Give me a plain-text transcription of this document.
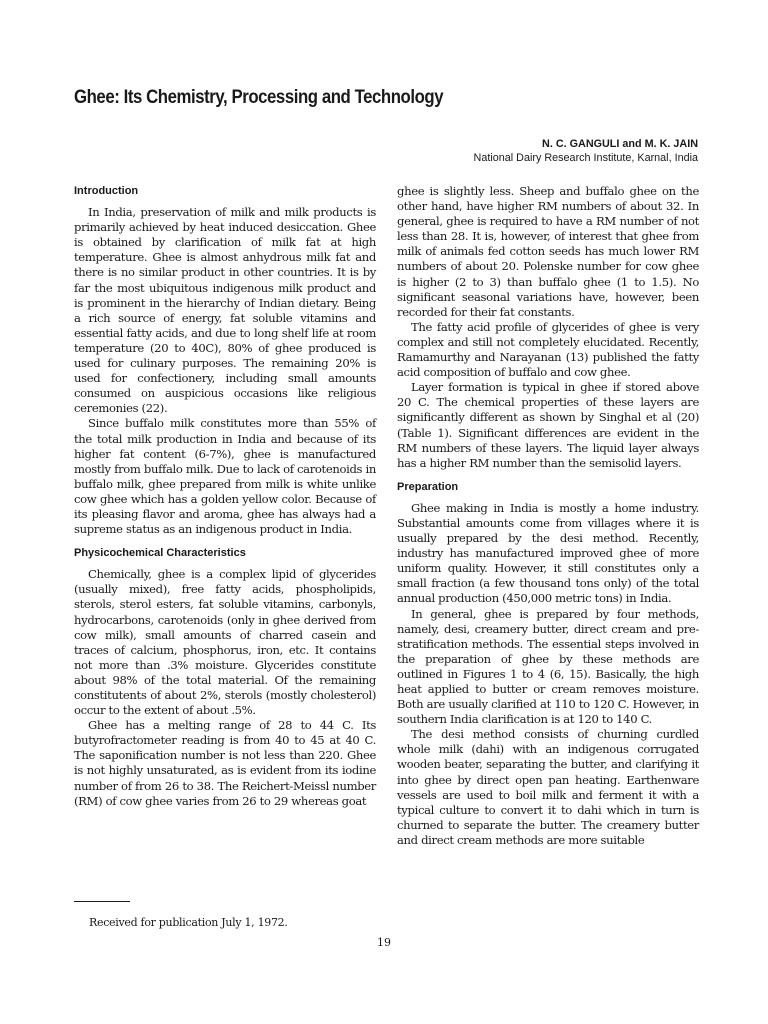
Ghee: Its Chemistry, Processing and Technology
N. C. GANGULI and M. K. JAIN
National Dairy Research Institute, Karnal, India
Introduction

In India, preservation of milk and milk products is primarily achieved by heat induced desiccation. Ghee is obtained by clarification of milk fat at high temperature. Ghee is almost anhydrous milk fat and there is no similar product in other countries. It is by far the most ubiquitous indigenous milk product and is prominent in the hierarchy of Indian dietary. Being a rich source of energy, fat soluble vitamins and essential fatty acids, and due to long shelf life at room temperature (20 to 40C), 80% of ghee produced is used for culinary purposes. The remaining 20% is used for confectionery, including small amounts consumed on auspicious occasions like religious ceremonies (22).

Since buffalo milk constitutes more than 55% of the total milk production in India and because of its higher fat content (6-7%), ghee is manufactured mostly from buffalo milk. Due to lack of carotenoids in buffalo milk, ghee prepared from milk is white unlike cow ghee which has a golden yellow color. Because of its pleasing flavor and aroma, ghee has always had a supreme status as an indigenous product in India.

Physicochemical Characteristics

Chemically, ghee is a complex lipid of glycerides (usually mixed), free fatty acids, phospholipids, sterols, sterol esters, fat soluble vitamins, carbonyls, hydrocarbons, carotenoids (only in ghee derived from cow milk), small amounts of charred casein and traces of calcium, phosphorus, iron, etc. It contains not more than .3% moisture. Glycerides constitute about 98% of the total material. Of the remaining constitutents of about 2%, sterols (mostly cholesterol) occur to the extent of about .5%.

Ghee has a melting range of 28 to 44 C. Its butyrofractometer reading is from 40 to 45 at 40 C. The saponification number is not less than 220. Ghee is not highly unsaturated, as is evident from its iodine number of from 26 to 38. The Reichert-Meissl number (RM) of cow ghee varies from 26 to 29 whereas goat

ghee is slightly less. Sheep and buffalo ghee on the other hand, have higher RM numbers of about 32. In general, ghee is required to have a RM number of not less than 28. It is, however, of interest that ghee from milk of animals fed cotton seeds has much lower RM numbers of about 20. Polenske number for cow ghee is higher (2 to 3) than buffalo ghee (1 to 1.5). No significant seasonal variations have, however, been recorded for their fat constants.

The fatty acid profile of glycerides of ghee is very complex and still not completely elucidated. Recently, Ramamurthy and Narayanan (13) published the fatty acid composition of buffalo and cow ghee.

Layer formation is typical in ghee if stored above 20 C. The chemical properties of these layers are significantly different as shown by Singhal et al (20) (Table 1). Significant differences are evident in the RM numbers of these layers. The liquid layer always has a higher RM number than the semisolid layers.

Preparation

Ghee making in India is mostly a home industry. Substantial amounts come from villages where it is usually prepared by the desi method. Recently, industry has manufactured improved ghee of more uniform quality. However, it still constitutes only a small fraction (a few thousand tons only) of the total annual production (450,000 metric tons) in India.

In general, ghee is prepared by four methods, namely, desi, creamery butter, direct cream and pre-stratification methods. The essential steps involved in the preparation of ghee by these methods are outlined in Figures 1 to 4 (6, 15). Basically, the high heat applied to butter or cream removes moisture. Both are usually clarified at 110 to 120 C. However, in southern India clarification is at 120 to 140 C.

The desi method consists of churning curdled whole milk (dahi) with an indigenous corrugated wooden beater, separating the butter, and clarifying it into ghee by direct open pan heating. Earthenware vessels are used to boil milk and ferment it with a typical culture to convert it to dahi which in turn is churned to separate the butter. The creamery butter and direct cream methods are more suitable

Received for publication July 1, 1972.
19
